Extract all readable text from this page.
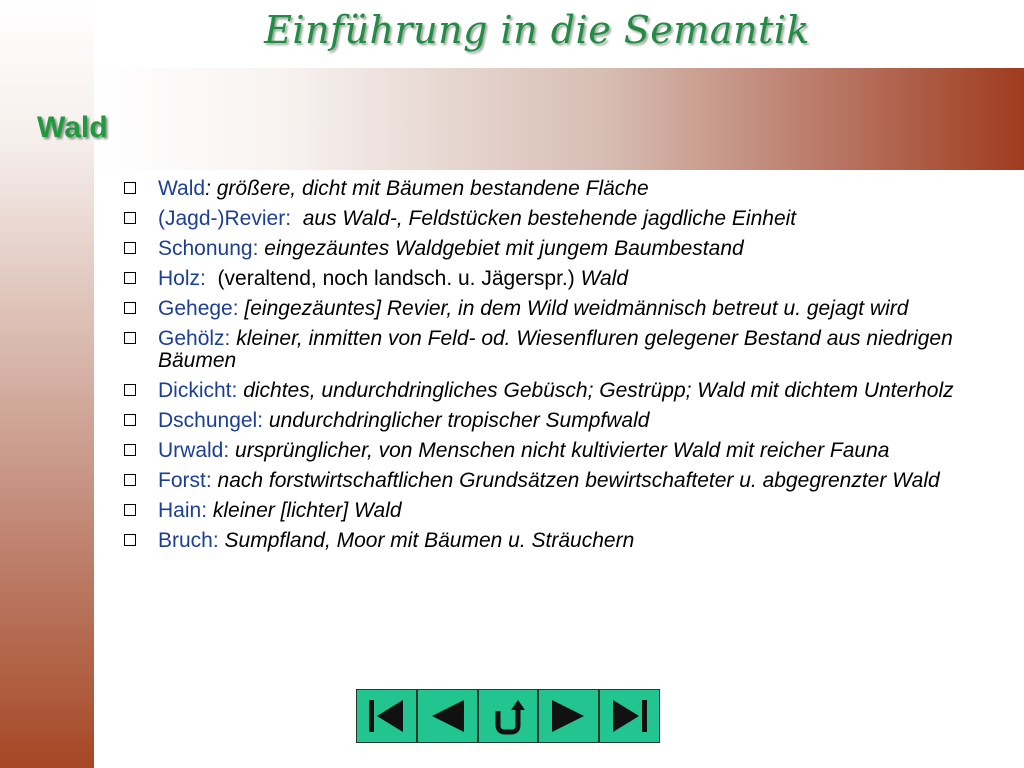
Einführung in die Semantik
Wald
Wald: größere, dicht mit Bäumen bestandene Fläche
(Jagd-)Revier: aus Wald-, Feldstücken bestehende jagdliche Einheit
Schonung: eingezäuntes Waldgebiet mit jungem Baumbestand
Holz: (veraltend, noch landsch. u. Jägerspr.) Wald
Gehege: [eingezäuntes] Revier, in dem Wild weidmännisch betreut u. gejagt wird
Gehölz: kleiner, inmitten von Feld- od. Wiesenfluren gelegener Bestand aus niedrigen Bäumen
Dickicht: dichtes, undurchdringliches Gebüsch; Gestrüpp; Wald mit dichtem Unterholz
Dschungel: undurchdringlicher tropischer Sumpfwald
Urwald: ursprünglicher, von Menschen nicht kultivierter Wald mit reicher Fauna
Forst: nach forstwirtschaftlichen Grundsätzen bewirtschafteter u. abgegrenzter Wald
Hain: kleiner [lichter] Wald
Bruch: Sumpfland, Moor mit Bäumen u. Sträuchern
